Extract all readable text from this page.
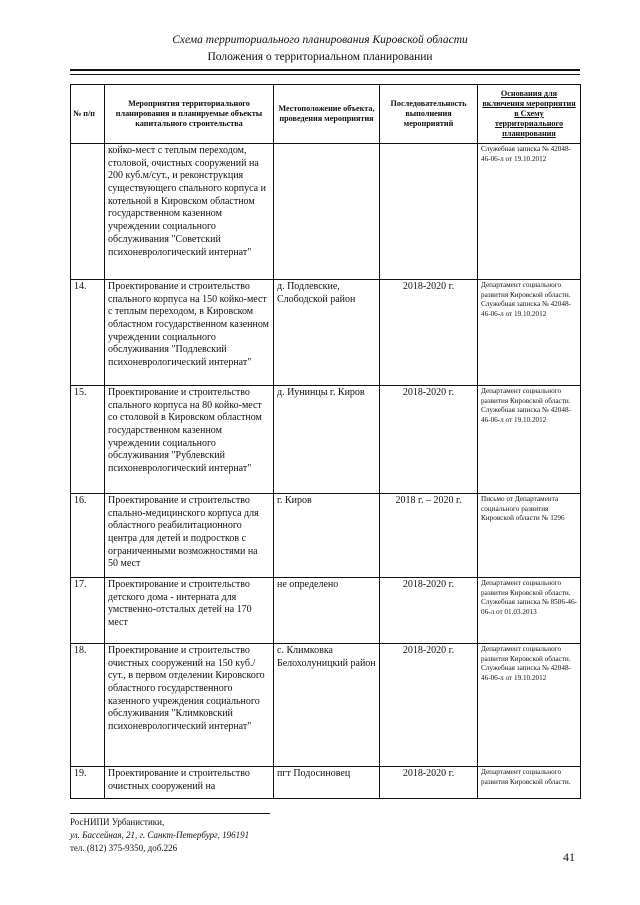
Схема территориального планирования Кировской области
Положения о территориальном планировании
№ п/п	Мероприятия территориального планирования и планируемые объекты капитального строительства	Местоположение объекта, проведения мероприятия	Последовательность выполнения мероприятий	Основания для включения мероприятия в Схему территориального планирования
	койко-мест с теплым переходом, столовой, очистных сооружений на 200 куб.м/сут., и реконструкция существующего спального корпуса и котельной в Кировском областном государственном казенном учреждении социального обслуживания "Советский психоневрологический интернат"			Служебная записка № 42048-46-06-л от 19.10.2012
14.	Проектирование и строительство спального корпуса на 150 койко-мест с теплым переходом, в Кировском областном государственном казенном учреждении социального обслуживания "Подлевский психоневрологический интернат"	д. Подлевские, Слободской район	2018-2020 г.	Департамент социального развития Кировской области. Служебная записка № 42048-46-06-л от 19.10.2012
15.	Проектирование и строительство спального корпуса на 80 койко-мест со столовой в Кировском областном государственном казенном учреждении социального обслуживания "Рублевский психоневрологический интернат"	д. Иунинцы г. Киров	2018-2020 г.	Департамент социального развития Кировской области. Служебная записка № 42048-46-06-л от 19.10.2012
16.	Проектирование и строительство спально-медицинского корпуса для областного реабилитационного центра для детей и подростков с ограниченными возможностями на 50 мест	г. Киров	2018 г. – 2020 г.	Письмо от Департамента социального развития Кировской области № 1296
17.	Проектирование и строительство детского дома - интерната для умственно-отсталых детей на 170 мест	не определено	2018-2020 г.	Департамент социального развития Кировской области. Служебная записка № 8506-46-06-л от 01.03.2013
18.	Проектирование и строительство очистных сооружений на 150 куб./сут., в первом отделении Кировского областного государственного казенного учреждения социального обслуживания "Климковский психоневрологический интернат"	с. Климковка Белохолуницкий район	2018-2020 г.	Департамент социального развития Кировской области. Служебная записка № 42048-46-06-л от 19.10.2012
19.	Проектирование и строительство очистных сооружений на	пгт Подосиновец	2018-2020 г.	Департамент социального развития Кировской области.
РосНИПИ Урбанистики,
ул. Бассейная, 21, г. Санкт-Петербург, 196191
тел. (812) 375-9350, доб.226
41
